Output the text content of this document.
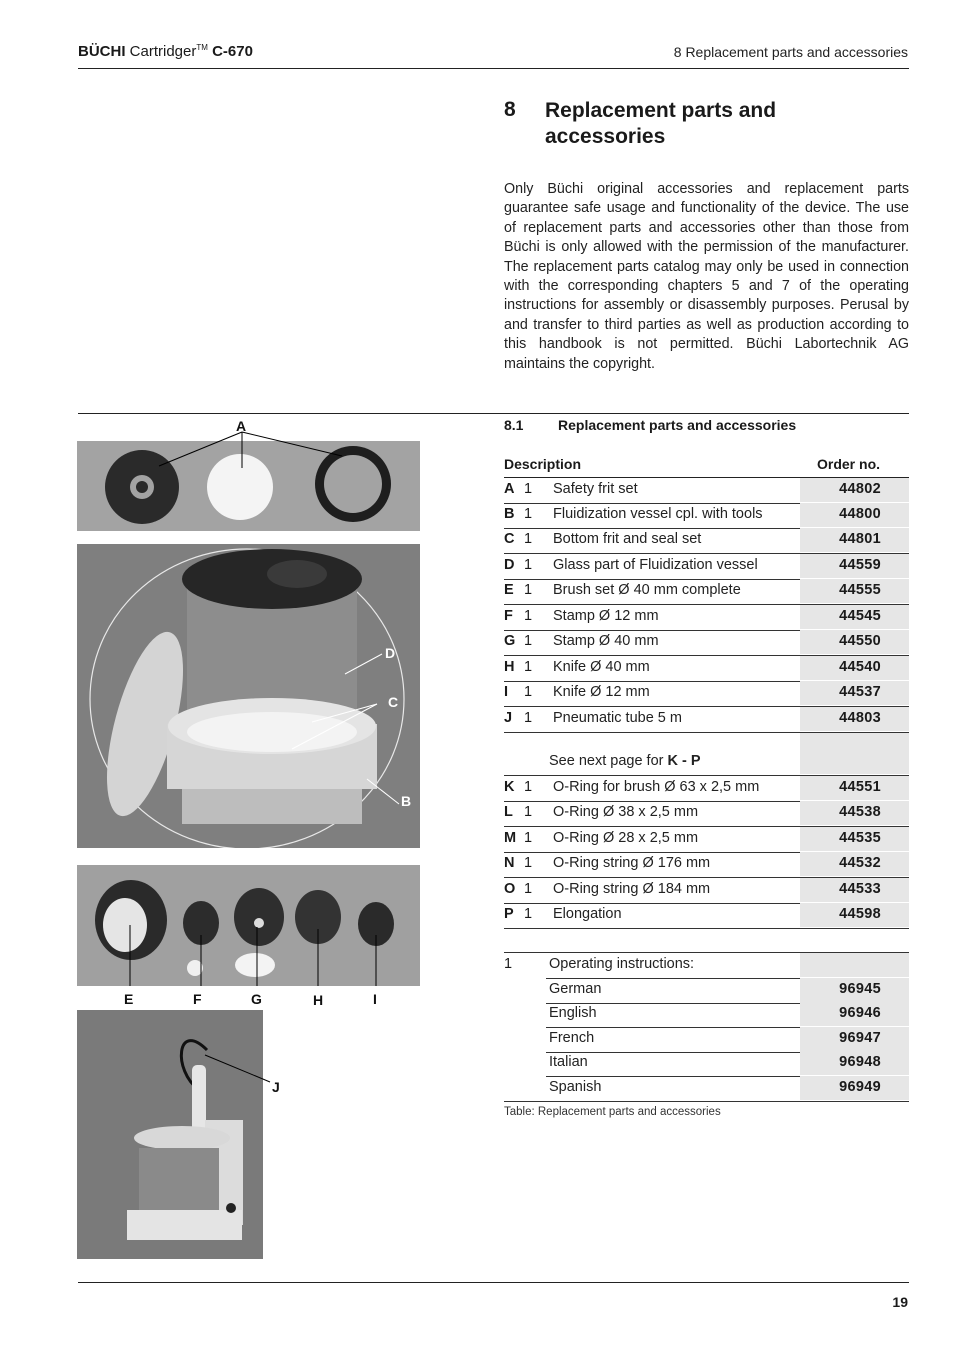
BÜCHI Cartridger™ C-670	8 Replacement parts and accessories
8 Replacement parts and accessories
Only Büchi original accessories and replacement parts guarantee safe usage and functionality of the device. The use of replacement parts and accessories other than those from Büchi is only allowed with the permission of the manufacturer. The replacement parts catalog may only be used in connection with the corresponding chapters 5 and 7 of the operating instructions for assembly or disassembly purposes. Perusal by and transfer to third parties as well as production according to this handbook is not permitted. Büchi Labortechnik AG maintains the copyright.
8.1 Replacement parts and accessories
Description	Order no.
A 1 Safety frit set	44802
B 1 Fluidization vessel cpl. with tools	44800
C 1 Bottom frit and seal set	44801
D 1 Glass part of Fluidization vessel	44559
E 1 Brush set Ø 40 mm complete	44555
F 1 Stamp Ø 12 mm	44545
G 1 Stamp Ø 40 mm	44550
H 1 Knife Ø 40 mm	44540
I 1 Knife Ø 12 mm	44537
J 1 Pneumatic tube 5 m	44803
See next page for K - P
K 1 O-Ring for brush Ø 63 x 2,5 mm	44551
L 1 O-Ring Ø 38 x 2,5 mm	44538
M 1 O-Ring Ø 28 x 2,5 mm	44535
N 1 O-Ring string Ø 176 mm	44532
O 1 O-Ring string Ø 184 mm	44533
P 1 Elongation	44598
1	Operating instructions:
German	96945
English	96946
French	96947
Italian	96948
Spanish	96949
Table: Replacement parts and accessories
A
D
C
B
E	F	G	H	I
J
19
